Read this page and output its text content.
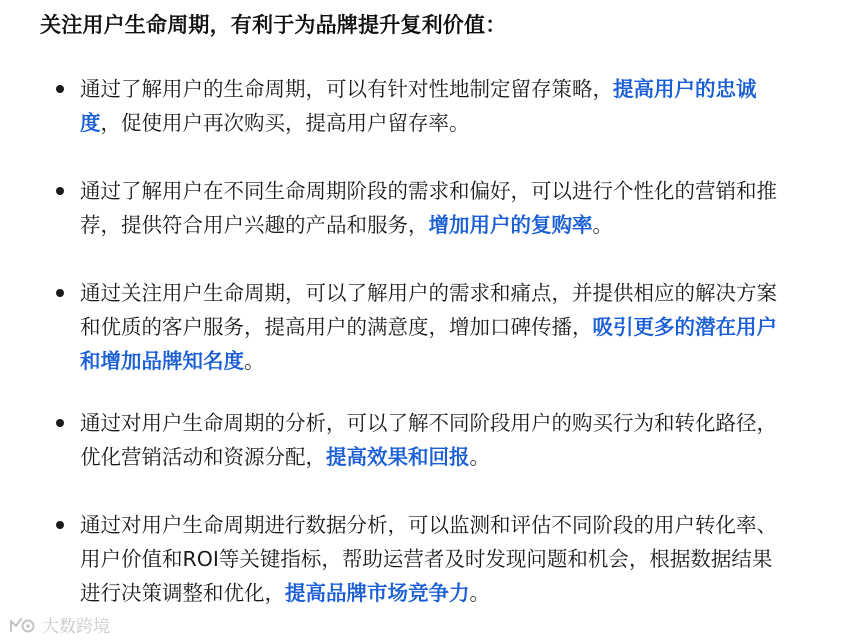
关注用户生命周期，有利于为品牌提升复利价值：
通过了解用户的生命周期，可以有针对性地制定留存策略，提高用户的忠诚度，促使用户再次购买，提高用户留存率。
通过了解用户在不同生命周期阶段的需求和偏好，可以进行个性化的营销和推荐，提供符合用户兴趣的产品和服务，增加用户的复购率。
通过关注用户生命周期，可以了解用户的需求和痛点，并提供相应的解决方案和优质的客户服务，提高用户的满意度，增加口碑传播，吸引更多的潜在用户和增加品牌知名度。
通过对用户生命周期的分析，可以了解不同阶段用户的购买行为和转化路径，优化营销活动和资源分配，提高效果和回报。
通过对用户生命周期进行数据分析，可以监测和评估不同阶段的用户转化率、用户价值和ROI等关键指标，帮助运营者及时发现问题和机会，根据数据结果进行决策调整和优化，提高品牌市场竞争力。
大数跨境
